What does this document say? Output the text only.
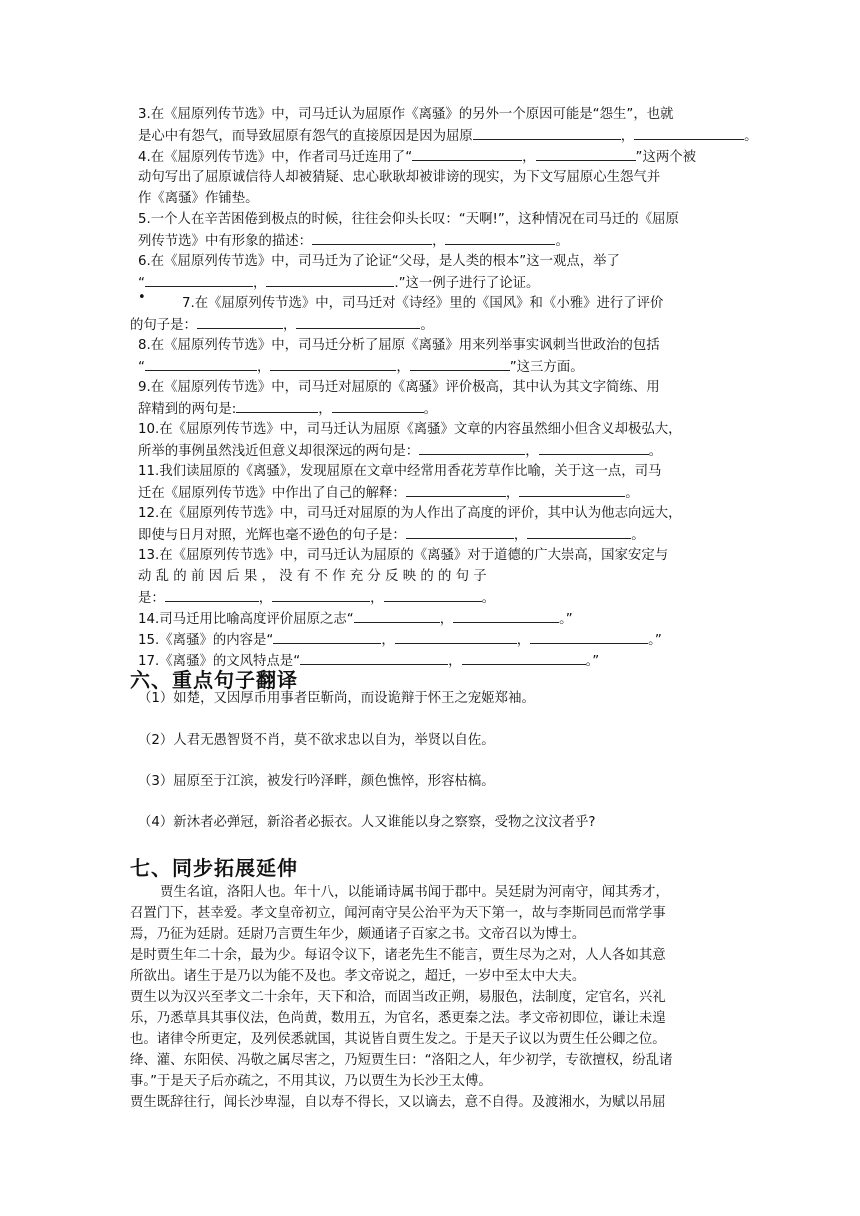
3.在《屈原列传节选》中，司马迁认为屈原作《离骚》的另外一个原因可能是“怨生”，也就
是心中有怨气，而导致屈原有怨气的直接原因是因为屈原	，	。
4.在《屈原列传节选》中，作者司马迁连用了“	，	”这两个被
动句写出了屈原诚信待人却被猜疑、忠心耿耿却被诽谤的现实，为下文写屈原心生怨气并
作《离骚》作铺垫。
5.一个人在辛苦困倦到极点的时候，往往会仰头长叹：“天啊!”，这种情况在司马迁的《屈原
列传节选》中有形象的描述：	，	。
6.在《屈原列传节选》中，司马迁为了论证“父母，是人类的根本”这一观点，举了
“	，	.”这一例子进行了论证。
•	7.在《屈原列传节选》中，司马迁对《诗经》里的《国风》和《小雅》进行了评价
的句子是：	，	。
8.在《屈原列传节选》中，司马迁分析了屈原《离骚》用来列举事实讽刺当世政治的包括
“	，	，	”这三方面。
9.在《屈原列传节选》中，司马迁对屈原的《离骚》评价极高，其中认为其文字简练、用
辞精到的两句是:	，	。
10.在《屈原列传节选》中，司马迁认为屈原《离骚》文章的内容虽然细小但含义却极弘大，
所举的事例虽然浅近但意义却很深远的两句是：	，	。
11.我们读屈原的《离骚》，发现屈原在文章中经常用香花芳草作比喻，关于这一点，司马
迁在《屈原列传节选》中作出了自己的解释：	，	。
12.在《屈原列传节选》中，司马迁对屈原的为人作出了高度的评价，其中认为他志向远大，
即使与日月对照，光辉也毫不逊色的句子是：	，	。
13.在《屈原列传节选》中，司马迁认为屈原的《离骚》对于道德的广大崇高，国家安定与
动 乱 的 前 因 后 果 ， 没 有 不 作 充 分 反 映 的 的 句 子
是：	，	，	。
14.司马迁用比喻高度评价屈原之志“	，	。”
15.《离骚》的内容是“	，	，	。”
17.《离骚》的文风特点是“	，	。”
六、重点句子翻译
（1）如楚，又因厚币用事者臣靳尚，而设诡辩于怀王之宠姬郑袖。
（2）人君无愚智贤不肖，莫不欲求忠以自为，举贤以自佐。
（3）屈原至于江滨，被发行吟泽畔，颜色憔悴，形容枯槁。
（4）新沐者必弹冠，新浴者必振衣。人又谁能以身之察察，受物之汶汶者乎?
七、同步拓展延伸
贾生名谊，洛阳人也。年十八，以能诵诗属书闻于郡中。吴廷尉为河南守，闻其秀才，
召置门下，甚幸爱。孝文皇帝初立，闻河南守吴公治平为天下第一，故与李斯同邑而常学事
焉，乃征为廷尉。廷尉乃言贾生年少，颇通诸子百家之书。文帝召以为博士。
是时贾生年二十余，最为少。每诏令议下，诸老先生不能言，贾生尽为之对，人人各如其意
所欲出。诸生于是乃以为能不及也。孝文帝说之，超迁，一岁中至太中大夫。
贾生以为汉兴至孝文二十余年，天下和洽，而固当改正朔，易服色，法制度，定官名，兴礼
乐，乃悉草具其事仪法，色尚黄，数用五，为官名，悉更秦之法。孝文帝初即位，谦让未遑
也。诸律令所更定，及列侯悉就国，其说皆自贾生发之。于是天子议以为贾生任公卿之位。
绛、灌、东阳侯、冯敬之属尽害之，乃短贾生曰：“洛阳之人，年少初学，专欲擅权，纷乱诸
事。”于是天子后亦疏之，不用其议，乃以贾生为长沙王太傅。
贾生既辞往行，闻长沙卑湿，自以寿不得长，又以谪去，意不自得。及渡湘水，为赋以吊屈
